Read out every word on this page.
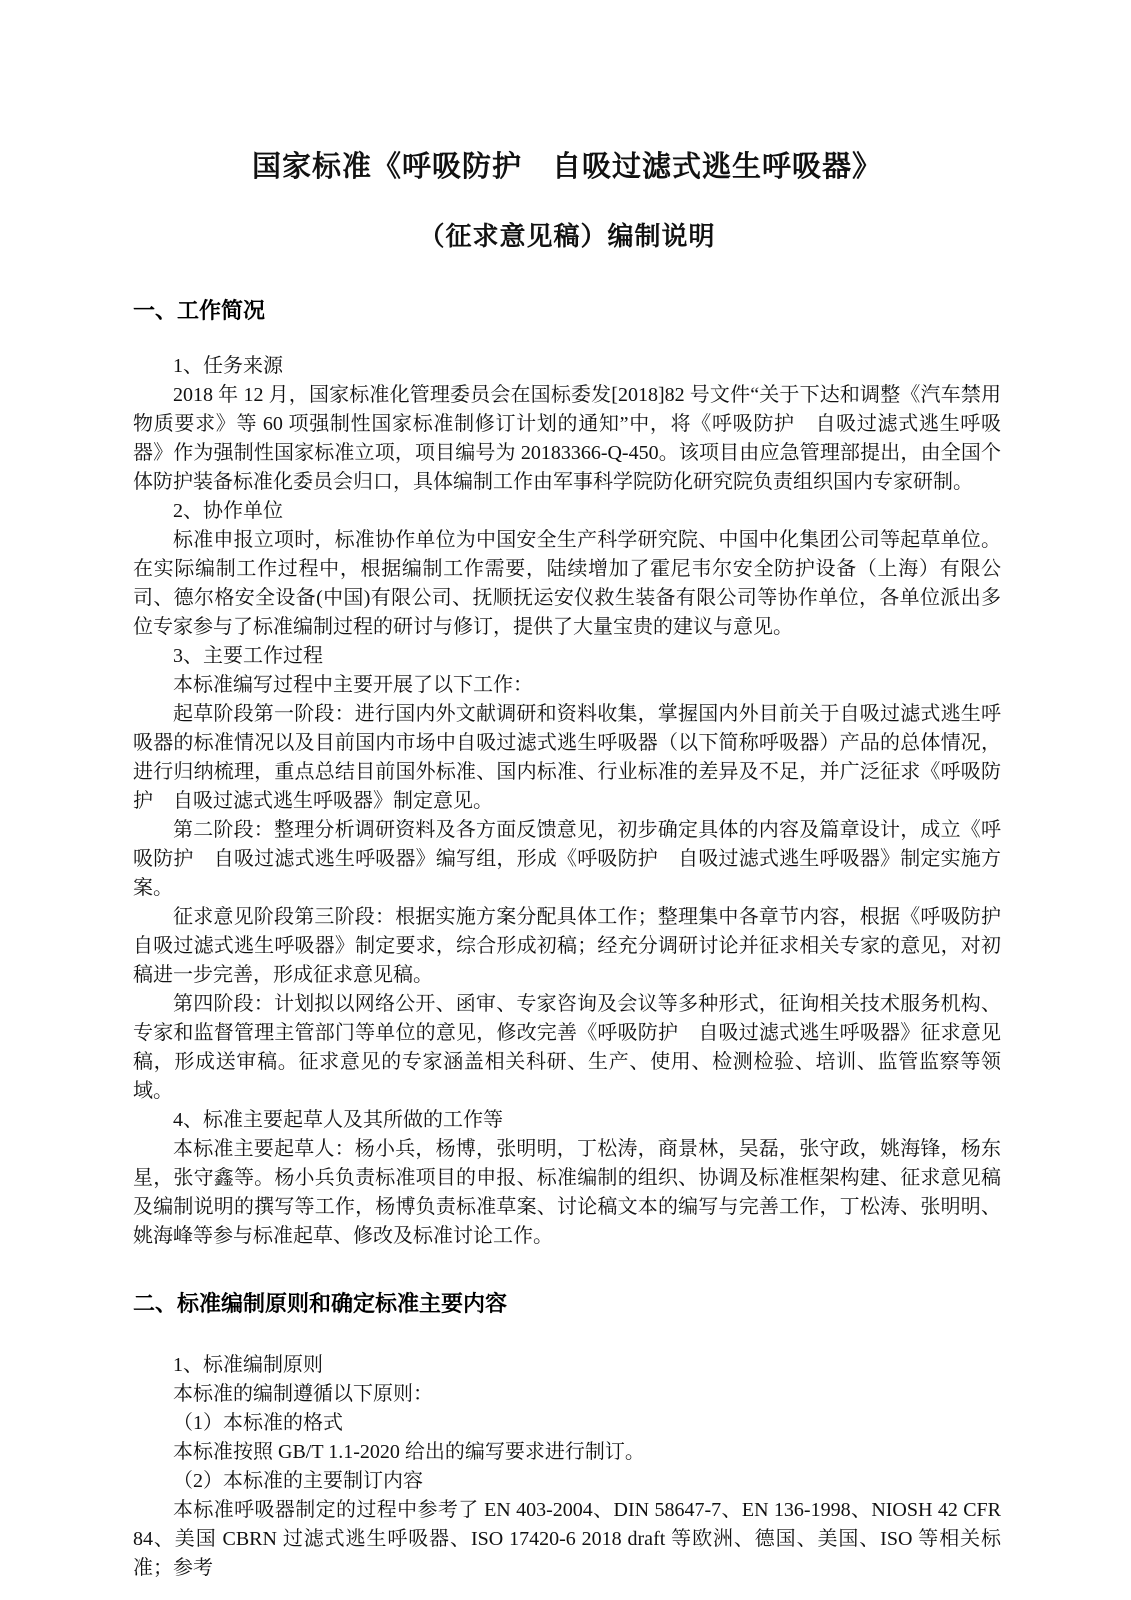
国家标准《呼吸防护　自吸过滤式逃生呼吸器》
（征求意见稿）编制说明
一、工作简况

1、任务来源

2018 年 12 月，国家标准化管理委员会在国标委发[2018]82 号文件“关于下达和调整《汽车禁用物质要求》等 60 项强制性国家标准制修订计划的通知”中，将《呼吸防护　自吸过滤式逃生呼吸器》作为强制性国家标准立项，项目编号为 20183366-Q-450。该项目由应急管理部提出，由全国个体防护装备标准化委员会归口，具体编制工作由军事科学院防化研究院负责组织国内专家研制。

2、协作单位

标准申报立项时，标准协作单位为中国安全生产科学研究院、中国中化集团公司等起草单位。在实际编制工作过程中，根据编制工作需要，陆续增加了霍尼韦尔安全防护设备（上海）有限公司、德尔格安全设备(中国)有限公司、抚顺抚运安仪救生装备有限公司等协作单位，各单位派出多位专家参与了标准编制过程的研讨与修订，提供了大量宝贵的建议与意见。

3、主要工作过程

本标准编写过程中主要开展了以下工作：

起草阶段第一阶段：进行国内外文献调研和资料收集，掌握国内外目前关于自吸过滤式逃生呼吸器的标准情况以及目前国内市场中自吸过滤式逃生呼吸器（以下简称呼吸器）产品的总体情况，进行归纳梳理，重点总结目前国外标准、国内标准、行业标准的差异及不足，并广泛征求《呼吸防护　自吸过滤式逃生呼吸器》制定意见。

第二阶段：整理分析调研资料及各方面反馈意见，初步确定具体的内容及篇章设计，成立《呼吸防护　自吸过滤式逃生呼吸器》编写组，形成《呼吸防护　自吸过滤式逃生呼吸器》制定实施方案。

征求意见阶段第三阶段：根据实施方案分配具体工作；整理集中各章节内容，根据《呼吸防护　自吸过滤式逃生呼吸器》制定要求，综合形成初稿；经充分调研讨论并征求相关专家的意见，对初稿进一步完善，形成征求意见稿。

第四阶段：计划拟以网络公开、函审、专家咨询及会议等多种形式，征询相关技术服务机构、专家和监督管理主管部门等单位的意见，修改完善《呼吸防护　自吸过滤式逃生呼吸器》征求意见稿，形成送审稿。征求意见的专家涵盖相关科研、生产、使用、检测检验、培训、监管监察等领域。

4、标准主要起草人及其所做的工作等

本标准主要起草人：杨小兵，杨博，张明明，丁松涛，商景林，吴磊，张守政，姚海锋，杨东星，张守鑫等。杨小兵负责标准项目的申报、标准编制的组织、协调及标准框架构建、征求意见稿及编制说明的撰写等工作，杨博负责标准草案、讨论稿文本的编写与完善工作，丁松涛、张明明、姚海峰等参与标准起草、修改及标准讨论工作。

二、标准编制原则和确定标准主要内容

1、标准编制原则

本标准的编制遵循以下原则：

（1）本标准的格式

本标准按照 GB/T 1.1-2020 给出的编写要求进行制订。

（2）本标准的主要制订内容

本标准呼吸器制定的过程中参考了 EN 403-2004、DIN 58647-7、EN 136-1998、NIOSH 42 CFR 84、美国 CBRN 过滤式逃生呼吸器、ISO 17420-6 2018 draft 等欧洲、德国、美国、ISO 等相关标准；参考
